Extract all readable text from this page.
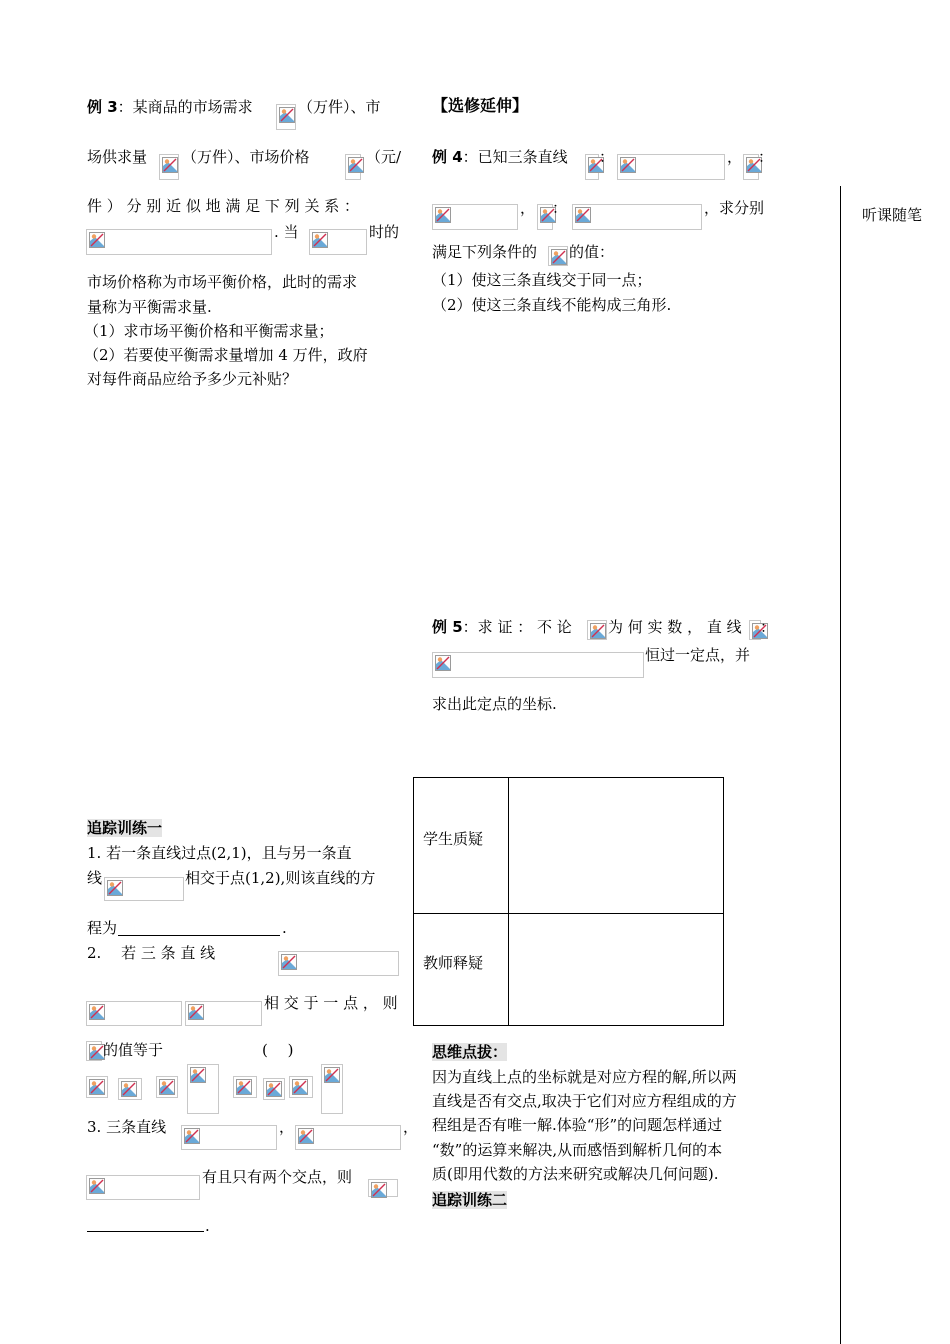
听课随笔
例 3：某商品的市场需求	（万件）、市
场供求量 （万件）、市场价格	（元/
件 ） 分 别 近 似 地 满 足 下 列 关 系 ：
. 当	时的
市场价格称为市场平衡价格，此时的需求
量称为平衡需求量.
（1）求市场平衡价格和平衡需求量；
（2）若要使平衡需求量增加 4 万件，政府
对每件商品应给予多少元补贴？
【选修延伸】
例 4：已知三条直线 ：	， ：
， ：	，求分别
满足下列条件的 的值：
（1）使这三条直线交于同一点；
（2）使这三条直线不能构成三角形.
例 5：求 证 ： 不 论 为 何 实 数 ， 直 线 ：
恒过一定点，并
求出此定点的坐标.
学生质疑
教师释疑
思维点拔：
因为直线上点的坐标就是对应方程的解,所以两
直线是否有交点,取决于它们对应方程组成的方
程组是否有唯一解.体验“形”的问题怎样通过
“数”的运算来解决,从而感悟到解析几何的本
质(即用代数的方法来研究或解决几何问题).
追踪训练二
追踪训练一
1. 若一条直线过点(2,1)，且与另一条直
线	相交于点(1,2),则该直线的方
程为	.
2.　 若 三 条 直 线
相 交 于 一 点 ， 则
的值等于	(　 )
3. 三条直线	，	，
有且只有两个交点，则
.
